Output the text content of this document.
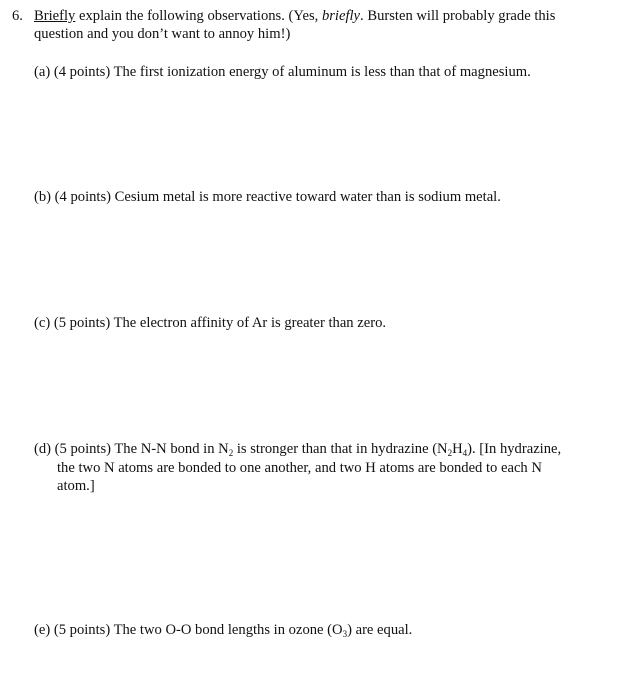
6. Briefly explain the following observations. (Yes, briefly. Bursten will probably grade this
question and you don’t want to annoy him!)
(a) (4 points) The first ionization energy of aluminum is less than that of magnesium.
(b) (4 points) Cesium metal is more reactive toward water than is sodium metal.
(c) (5 points) The electron affinity of Ar is greater than zero.
(d) (5 points) The N-N bond in $N_2$ is stronger than that in hydrazine $(N_2H_4)$. [In hydrazine,
the two N atoms are bonded to one another, and two H atoms are bonded to each N
atom.]
(e) (5 points) The two O-O bond lengths in ozone $(O_3)$ are equal.
